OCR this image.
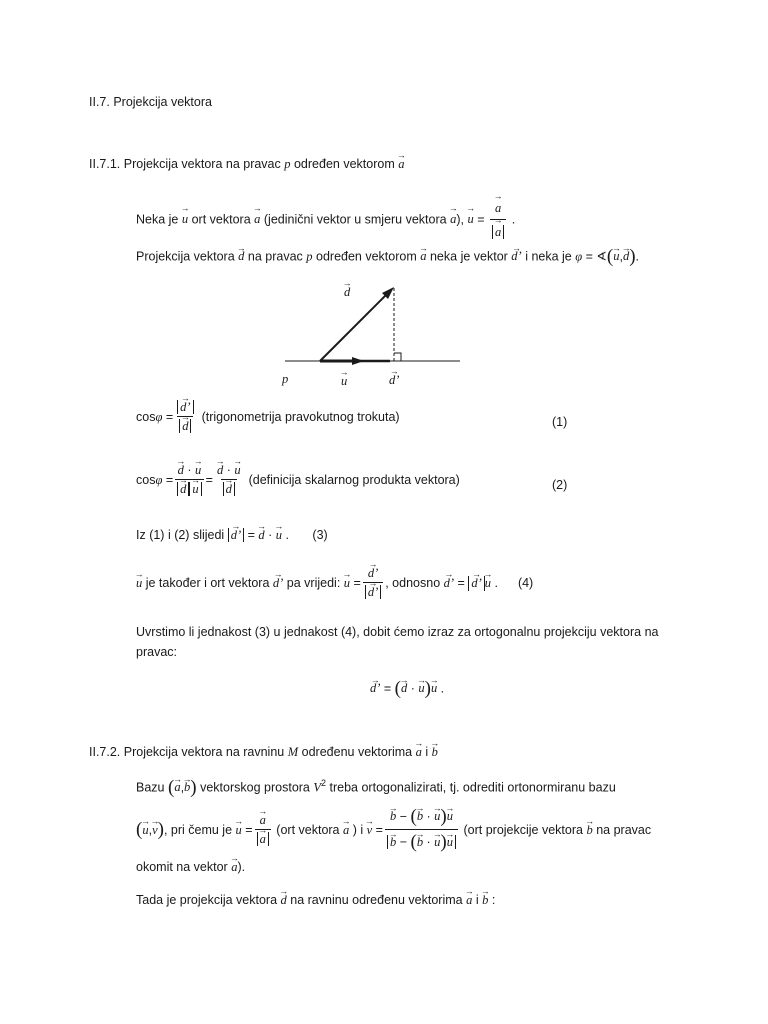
II.7. Projekcija vektora
II.7.1. Projekcija vektora na pravac p određen vektorom → a
Neka je → u ort vektora → a (jedinični vektor u smjeru vektora → a), → u = → a
→ a .
Projekcija vektora → d na pravac p određen vektorom → a neka je vektor → d’ i neka je φ = ∢(→ u,→ d).
→ d
p	→ u	→ d’
cosφ = → d’
→ d (trigonometrija pravokutnog trokuta)	(1)
cosφ = → d · → u
→ d → u = → d · → u
→ d (definicija skalarnog produkta vektora)	(2)
Iz (1) i (2) slijedi → d’ = → d · → u . (3)
→ u
je također i ort vektora
→ d’
pa vrijedi:
→ u = → d’
→ d’ , odnosno
→ d’ = → d’ → u . (4)
Uvrstimo li jednakost (3) u jednakost (4), dobit ćemo izraz za ortogonalnu projekciju vektora na
pravac:
→ d’ = (→ d · → u)→ u .
II.7.2. Projekcija vektora na ravninu M određenu vektorima → a i → b
Bazu (→ a,→ b) vektorskog prostora $V^2$ treba ortogonalizirati, tj. odrediti ortonormiranu bazu
( → u , → v ) , pri čemu je
→ u = → a
→ a
(ort vektora
→ a
) i
→ v = → b − (→ b · → u)→ u
→ b − (→ b · → u)→ u
(ort projekcije vektora
→ b
na pravac
okomit na vektor → a).
Tada je projekcija vektora → d na ravninu određenu vektorima → a i → b :
